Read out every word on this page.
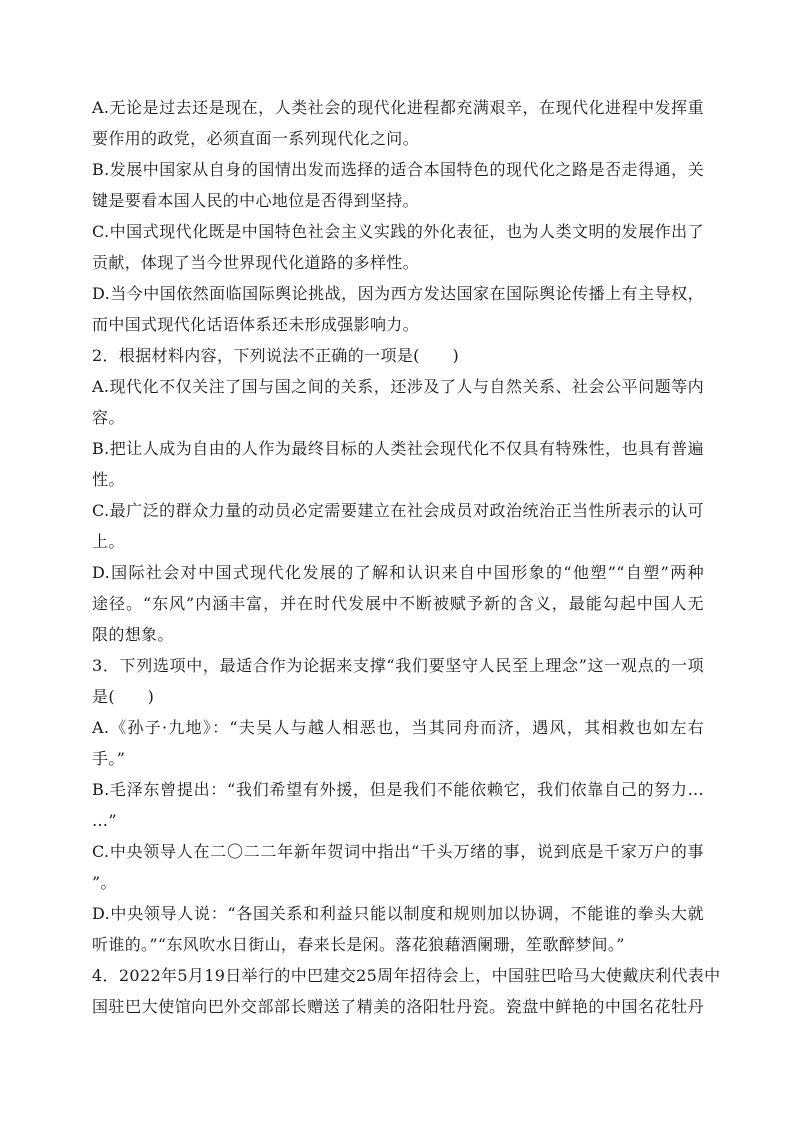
A.无论是过去还是现在，人类社会的现代化进程都充满艰辛，在现代化进程中发挥重
要作用的政党，必须直面一系列现代化之问。
B.发展中国家从自身的国情出发而选择的适合本国特色的现代化之路是否走得通，关
键是要看本国人民的中心地位是否得到坚持。
C.中国式现代化既是中国特色社会主义实践的外化表征，也为人类文明的发展作出了
贡献，体现了当今世界现代化道路的多样性。
D.当今中国依然面临国际舆论挑战，因为西方发达国家在国际舆论传播上有主导权，
而中国式现代化话语体系还未形成强影响力。
2．根据材料内容，下列说法不正确的一项是(　　)
A.现代化不仅关注了国与国之间的关系，还涉及了人与自然关系、社会公平问题等内
容。
B.把让人成为自由的人作为最终目标的人类社会现代化不仅具有特殊性，也具有普遍
性。
C.最广泛的群众力量的动员必定需要建立在社会成员对政治统治正当性所表示的认可
上。
D.国际社会对中国式现代化发展的了解和认识来自中国形象的“他塑”“自塑”两种
途径。“东风”内涵丰富，并在时代发展中不断被赋予新的含义，最能勾起中国人无
限的想象。
3．下列选项中，最适合作为论据来支撑“我们要坚守人民至上理念”这一观点的一项
是(　　)
A.《孙子·九地》：“夫吴人与越人相恶也，当其同舟而济，遇风，其相救也如左右
手。”
B.毛泽东曾提出：“我们希望有外援，但是我们不能依赖它，我们依靠自己的努力…
…”
C.中央领导人在二〇二二年新年贺词中指出“千头万绪的事，说到底是千家万户的事
”。
D.中央领导人说：“各国关系和利益只能以制度和规则加以协调，不能谁的拳头大就
听谁的。”“东风吹水日街山，春来长是闲。落花狼藉酒阑珊，笙歌醉梦间。”
4．2022年5月19日举行的中巴建交25周年招待会上，中国驻巴哈马大使戴庆利代表中
国驻巴大使馆向巴外交部部长赠送了精美的洛阳牡丹瓷。瓷盘中鲜艳的中国名花牡丹
